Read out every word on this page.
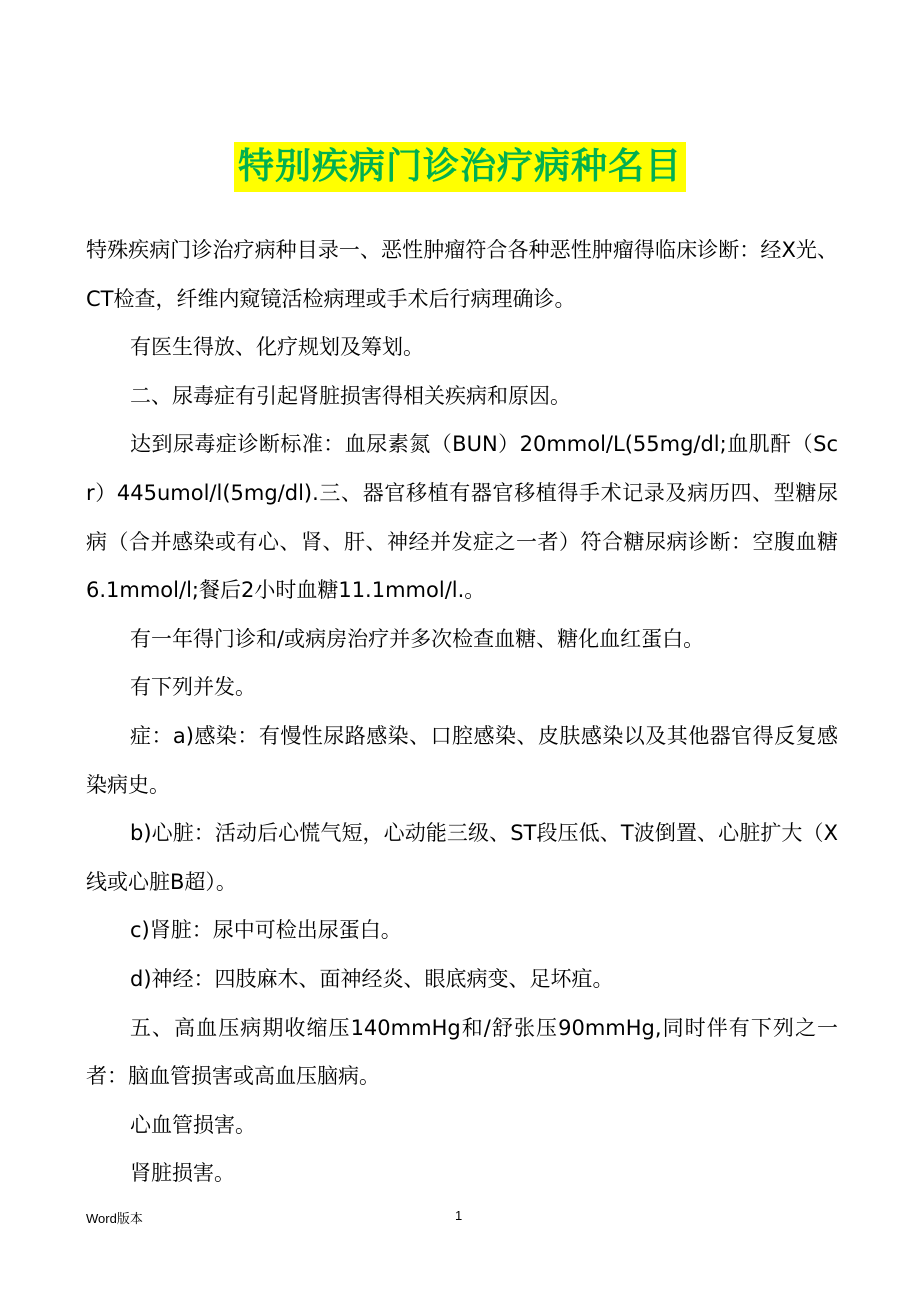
特别疾病门诊治疗病种名目

特殊疾病门诊治疗病种目录一、恶性肿瘤符合各种恶性肿瘤得临床诊断：经X光、CT检查，纤维内窥镜活检病理或手术后行病理确诊。

有医生得放、化疗规划及筹划。

二、尿毒症有引起肾脏损害得相关疾病和原因。

达到尿毒症诊断标准：血尿素氮（BUN）20mmol/L(55mg/dl;血肌酐（Scr）445umol/l(5mg/dl).三、器官移植有器官移植得手术记录及病历四、型糖尿病（合并感染或有心、肾、肝、神经并发症之一者）符合糖尿病诊断：空腹血糖6.1mmol/l;餐后2小时血糖11.1mmol/l.。

有一年得门诊和/或病房治疗并多次检查血糖、糖化血红蛋白。

有下列并发。

症：a)感染：有慢性尿路感染、口腔感染、皮肤感染以及其他器官得反复感染病史。

b)心脏：活动后心慌气短，心动能三级、ST段压低、T波倒置、心脏扩大（X线或心脏B超）。

c)肾脏：尿中可检出尿蛋白。

d)神经：四肢麻木、面神经炎、眼底病变、足坏疽。

五、高血压病期收缩压140mmHg和/舒张压90mmHg,同时伴有下列之一者：脑血管损害或高血压脑病。

心血管损害。

肾脏损害。

Word版本	1
